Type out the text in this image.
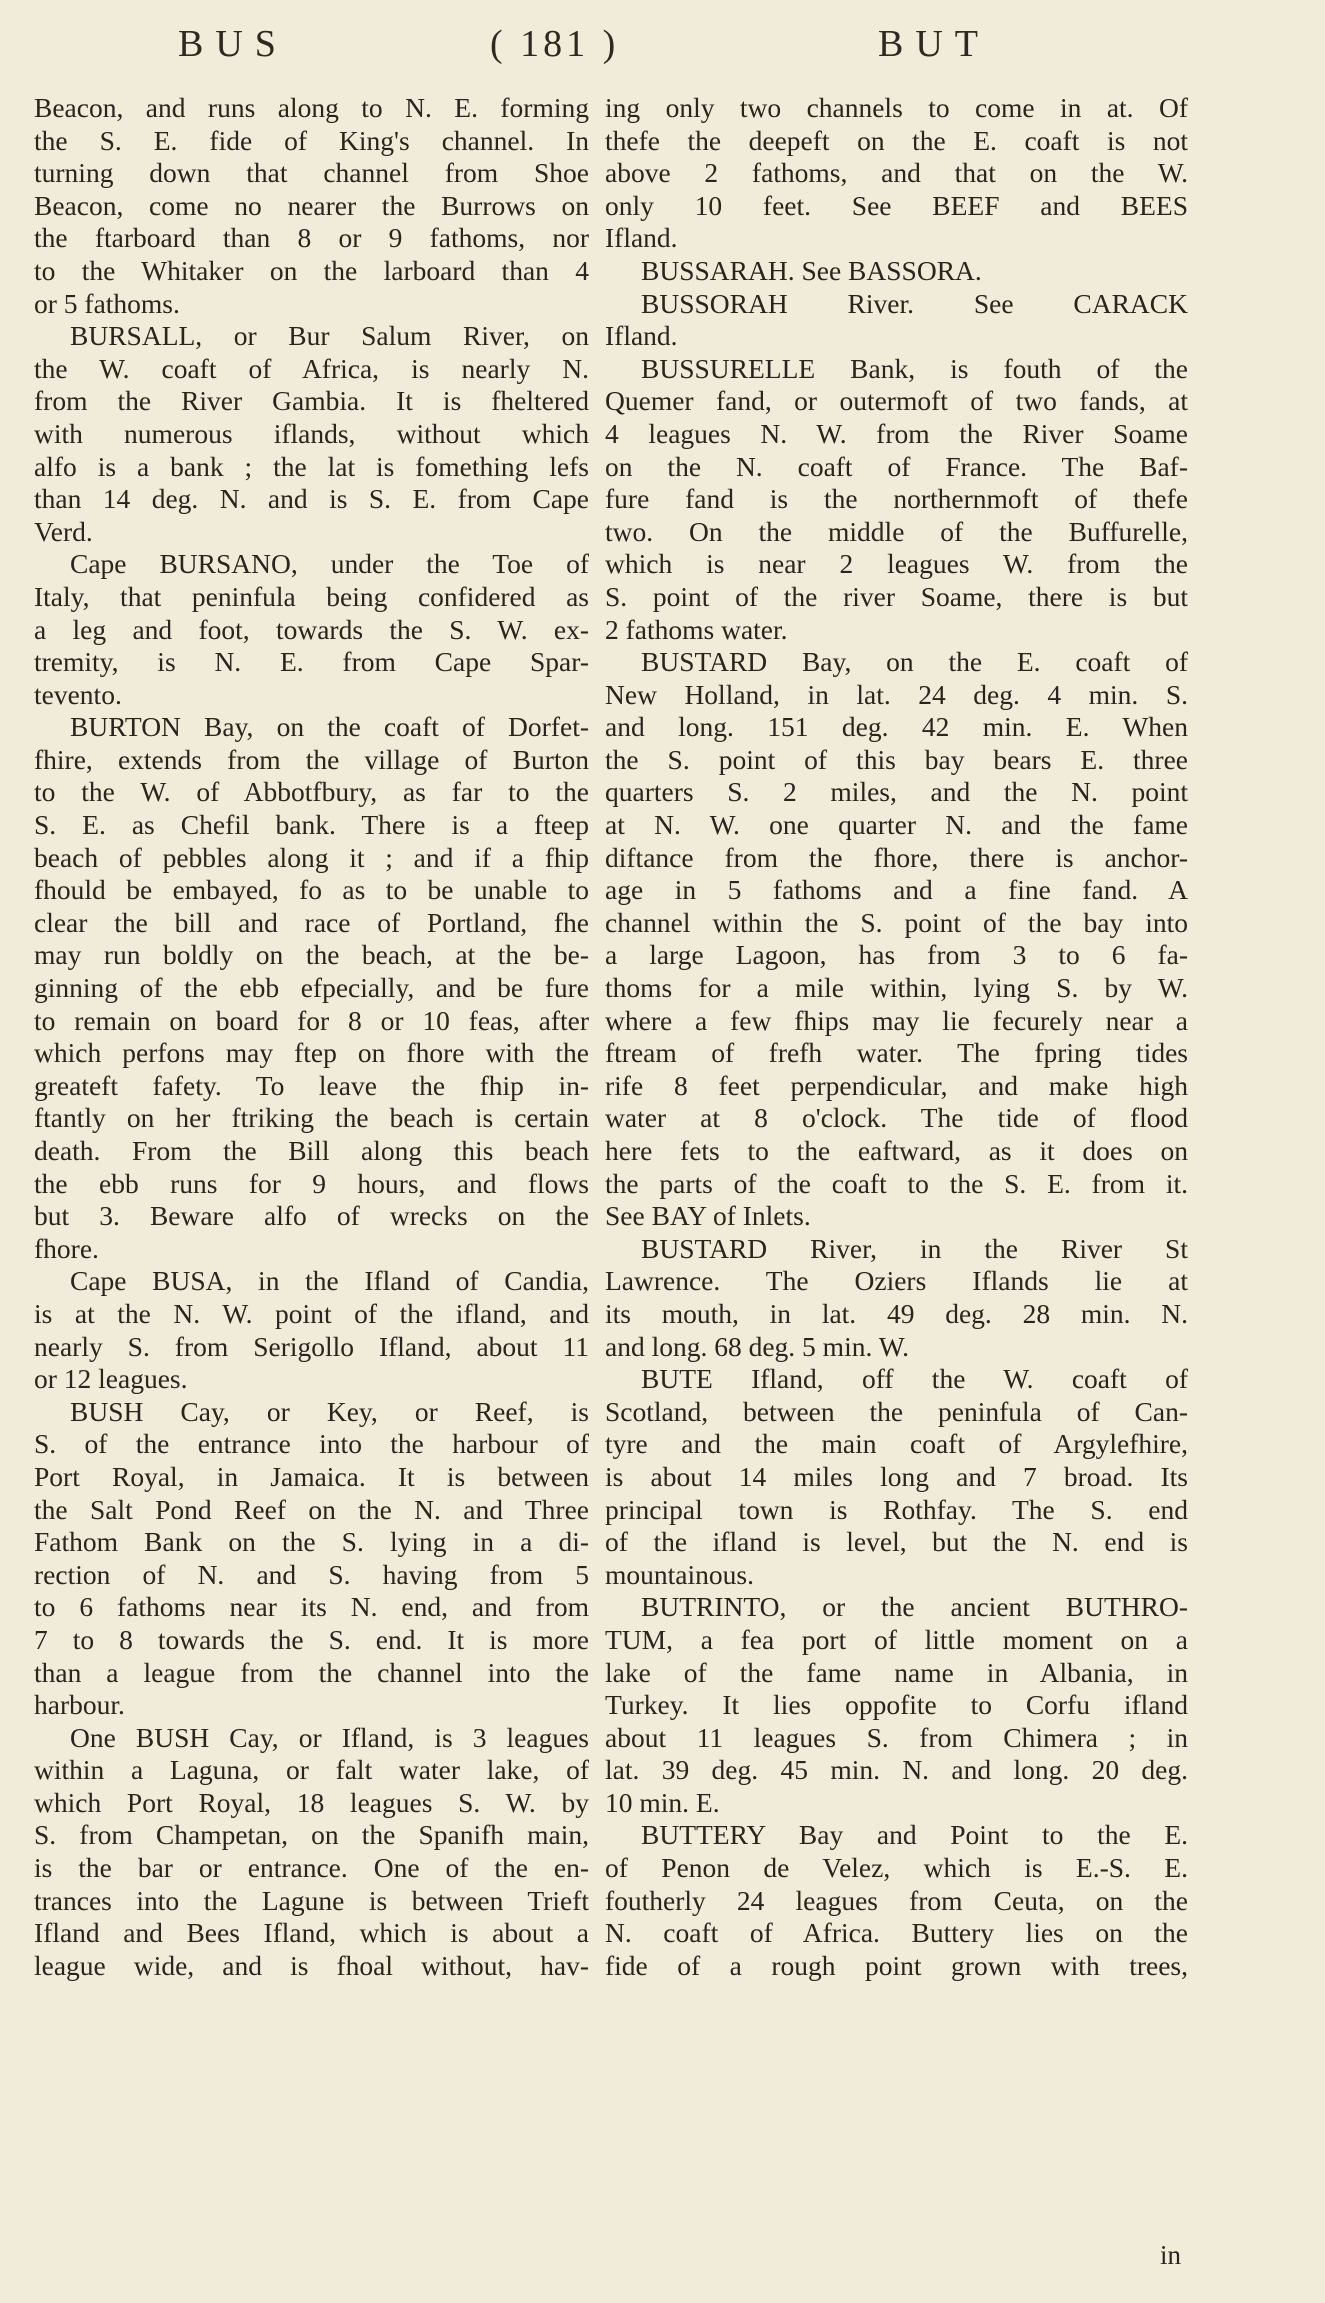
BUS	( 181 )	BUT
Beacon, and runs along to N. E. forming
the S. E. fide of King's channel. In
turning down that channel from Shoe
Beacon, come no nearer the Burrows on
the ftarboard than 8 or 9 fathoms, nor
to the Whitaker on the larboard than 4
or 5 fathoms.
BURSALL, or Bur Salum River, on
the W. coaft of Africa, is nearly N.
from the River Gambia. It is fheltered
with numerous iflands, without which
alfo is a bank ; the lat is fomething lefs
than 14 deg. N. and is S. E. from Cape
Verd.
Cape BURSANO, under the Toe of
Italy, that peninfula being confidered as
a leg and foot, towards the S. W. ex-
tremity, is N. E. from Cape Spar-
tevento.
BURTON Bay, on the coaft of Dorfet-
fhire, extends from the village of Burton
to the W. of Abbotfbury, as far to the
S. E. as Chefil bank. There is a fteep
beach of pebbles along it ; and if a fhip
fhould be embayed, fo as to be unable to
clear the bill and race of Portland, fhe
may run boldly on the beach, at the be-
ginning of the ebb efpecially, and be fure
to remain on board for 8 or 10 feas, after
which perfons may ftep on fhore with the
greateft fafety. To leave the fhip in-
ftantly on her ftriking the beach is certain
death. From the Bill along this beach
the ebb runs for 9 hours, and flows
but 3. Beware alfo of wrecks on the
fhore.
Cape BUSA, in the Ifland of Candia,
is at the N. W. point of the ifland, and
nearly S. from Serigollo Ifland, about 11
or 12 leagues.
BUSH Cay, or Key, or Reef, is
S. of the entrance into the harbour of
Port Royal, in Jamaica. It is between
the Salt Pond Reef on the N. and Three
Fathom Bank on the S. lying in a di-
rection of N. and S. having from 5
to 6 fathoms near its N. end, and from
7 to 8 towards the S. end. It is more
than a league from the channel into the
harbour.
One BUSH Cay, or Ifland, is 3 leagues
within a Laguna, or falt water lake, of
which Port Royal, 18 leagues S. W. by
S. from Champetan, on the Spanifh main,
is the bar or entrance. One of the en-
trances into the Lagune is between Trieft
Ifland and Bees Ifland, which is about a
league wide, and is fhoal without, hav-
ing only two channels to come in at. Of
thefe the deepeft on the E. coaft is not
above 2 fathoms, and that on the W.
only 10 feet. See BEEF and BEES
Ifland.
BUSSARAH. See BASSORA.
BUSSORAH River. See CARACK
Ifland.
BUSSURELLE Bank, is fouth of the
Quemer fand, or outermoft of two fands, at
4 leagues N. W. from the River Soame
on the N. coaft of France. The Baf-
fure fand is the northernmoft of thefe
two. On the middle of the Buffurelle,
which is near 2 leagues W. from the
S. point of the river Soame, there is but
2 fathoms water.
BUSTARD Bay, on the E. coaft of
New Holland, in lat. 24 deg. 4 min. S.
and long. 151 deg. 42 min. E. When
the S. point of this bay bears E. three
quarters S. 2 miles, and the N. point
at N. W. one quarter N. and the fame
diftance from the fhore, there is anchor-
age in 5 fathoms and a fine fand. A
channel within the S. point of the bay into
a large Lagoon, has from 3 to 6 fa-
thoms for a mile within, lying S. by W.
where a few fhips may lie fecurely near a
ftream of frefh water. The fpring tides
rife 8 feet perpendicular, and make high
water at 8 o'clock. The tide of flood
here fets to the eaftward, as it does on
the parts of the coaft to the S. E. from it.
See BAY of Inlets.
BUSTARD River, in the River St
Lawrence. The Oziers Iflands lie at
its mouth, in lat. 49 deg. 28 min. N.
and long. 68 deg. 5 min. W.
BUTE Ifland, off the W. coaft of
Scotland, between the peninfula of Can-
tyre and the main coaft of Argylefhire,
is about 14 miles long and 7 broad. Its
principal town is Rothfay. The S. end
of the ifland is level, but the N. end is
mountainous.
BUTRINTO, or the ancient BUTHRO-
TUM, a fea port of little moment on a
lake of the fame name in Albania, in
Turkey. It lies oppofite to Corfu ifland
about 11 leagues S. from Chimera ; in
lat. 39 deg. 45 min. N. and long. 20 deg.
10 min. E.
BUTTERY Bay and Point to the E.
of Penon de Velez, which is E.-S. E.
foutherly 24 leagues from Ceuta, on the
N. coaft of Africa. Buttery lies on the
fide of a rough point grown with trees,
in
